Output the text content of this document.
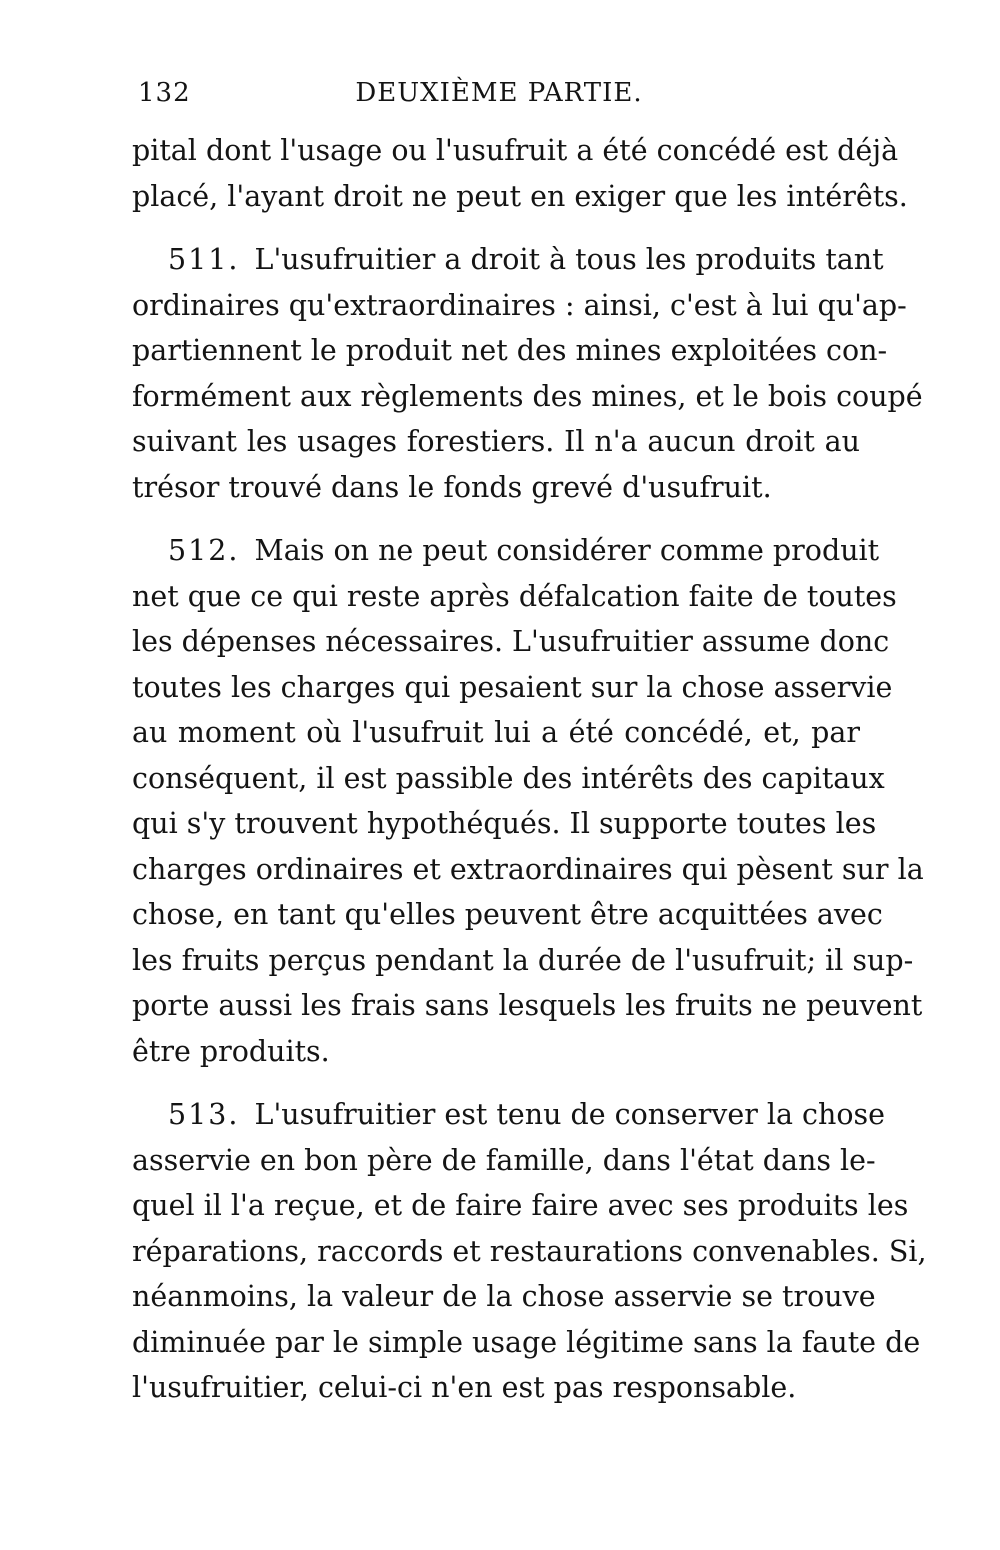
132	DEUXIÈME PARTIE.

pital dont l'usage ou l'usufruit a été concédé est déjà
placé, l'ayant droit ne peut en exiger que les intérêts.

511. L'usufruitier a droit à tous les produits tant
ordinaires qu'extraordinaires : ainsi, c'est à lui qu'ap-
partiennent le produit net des mines exploitées con-
formément aux règlements des mines, et le bois coupé
suivant les usages forestiers. Il n'a aucun droit au
trésor trouvé dans le fonds grevé d'usufruit.

512. Mais on ne peut considérer comme produit
net que ce qui reste après défalcation faite de toutes
les dépenses nécessaires. L'usufruitier assume donc
toutes les charges qui pesaient sur la chose asservie
au moment où l'usufruit lui a été concédé, et, par
conséquent, il est passible des intérêts des capitaux
qui s'y trouvent hypothéqués. Il supporte toutes les
charges ordinaires et extraordinaires qui pèsent sur la
chose, en tant qu'elles peuvent être acquittées avec
les fruits perçus pendant la durée de l'usufruit; il sup-
porte aussi les frais sans lesquels les fruits ne peuvent
être produits.

513. L'usufruitier est tenu de conserver la chose
asservie en bon père de famille, dans l'état dans le-
quel il l'a reçue, et de faire faire avec ses produits les
réparations, raccords et restaurations convenables. Si,
néanmoins, la valeur de la chose asservie se trouve
diminuée par le simple usage légitime sans la faute de
l'usufruitier, celui-ci n'en est pas responsable.
